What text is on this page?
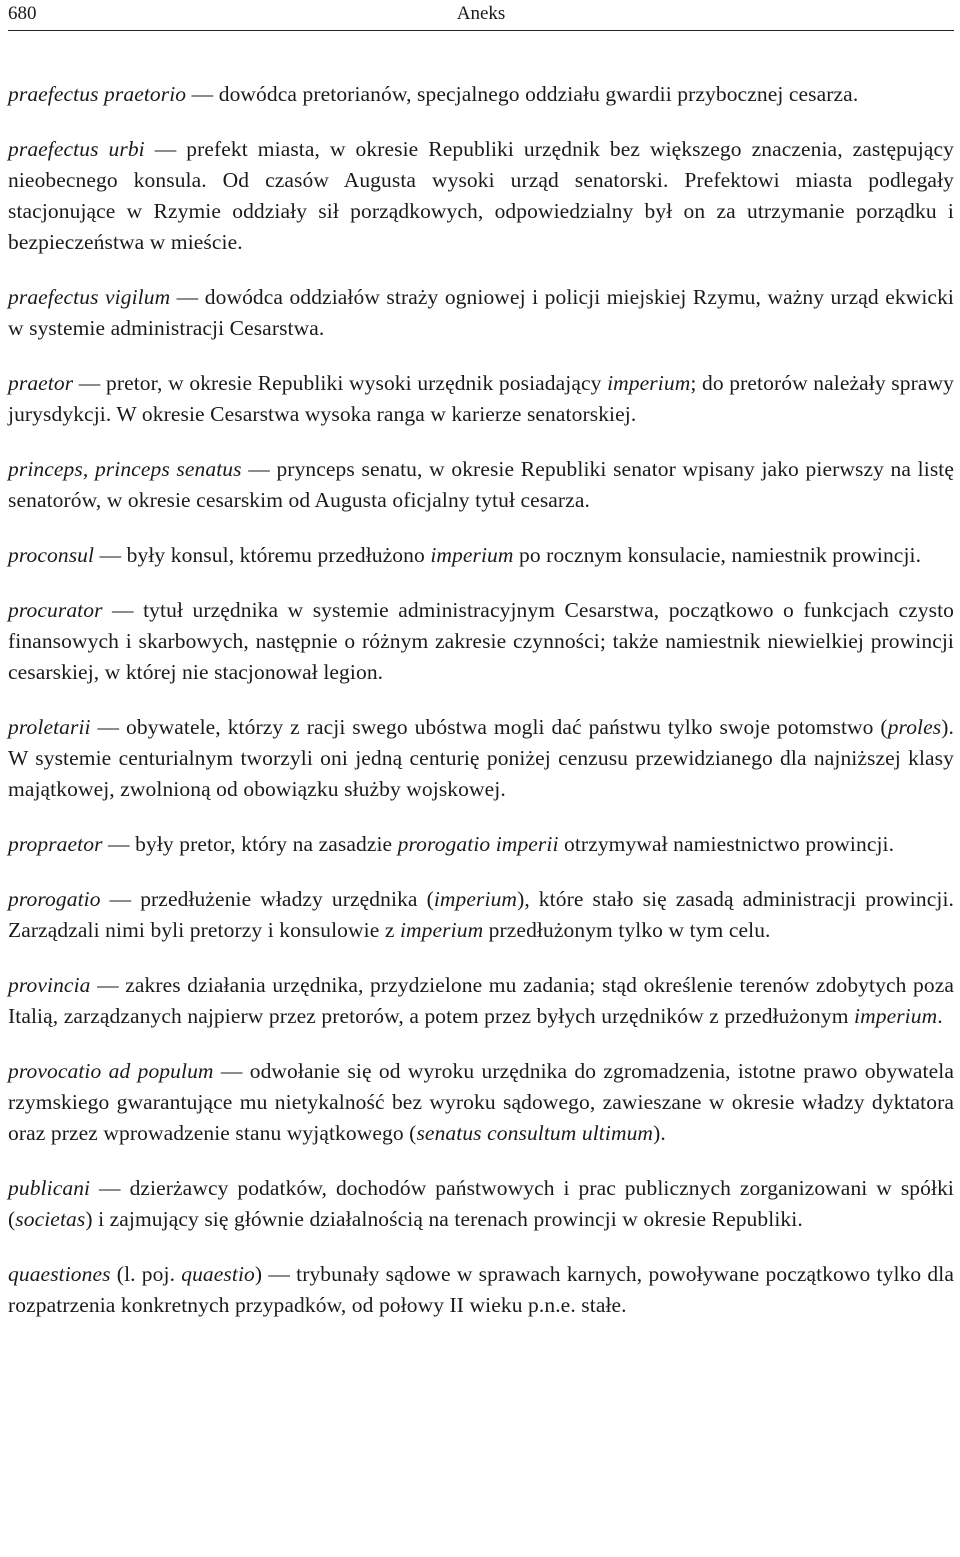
680	Aneks

praefectus praetorio — dowódca pretorianów, specjalnego oddziału gwardii przybocznej cesarza.

praefectus urbi — prefekt miasta, w okresie Republiki urzędnik bez większego znaczenia, zastępujący nieobecnego konsula. Od czasów Augusta wysoki urząd senatorski. Prefektowi miasta podlegały stacjonujące w Rzymie oddziały sił porządkowych, odpowiedzialny był on za utrzymanie porządku i bezpieczeństwa w mieście.

praefectus vigilum — dowódca oddziałów straży ogniowej i policji miejskiej Rzymu, ważny urząd ekwicki w systemie administracji Cesarstwa.

praetor — pretor, w okresie Republiki wysoki urzędnik posiadający imperium; do pretorów należały sprawy jurysdykcji. W okresie Cesarstwa wysoka ranga w karierze senatorskiej.

princeps, princeps senatus — prynceps senatu, w okresie Republiki senator wpisany jako pierwszy na listę senatorów, w okresie cesarskim od Augusta oficjalny tytuł cesarza.

proconsul — były konsul, któremu przedłużono imperium po rocznym konsulacie, namiestnik prowincji.

procurator — tytuł urzędnika w systemie administracyjnym Cesarstwa, początkowo o funkcjach czysto finansowych i skarbowych, następnie o różnym zakresie czynności; także namiestnik niewielkiej prowincji cesarskiej, w której nie stacjonował legion.

proletarii — obywatele, którzy z racji swego ubóstwa mogli dać państwu tylko swoje potomstwo (proles). W systemie centurialnym tworzyli oni jedną centurię poniżej cenzusu przewidzianego dla najniższej klasy majątkowej, zwolnioną od obowiązku służby wojskowej.

propraetor — były pretor, który na zasadzie prorogatio imperii otrzymywał namiestnictwo prowincji.

prorogatio — przedłużenie władzy urzędnika (imperium), które stało się zasadą administracji prowincji. Zarządzali nimi byli pretorzy i konsulowie z imperium przedłużonym tylko w tym celu.

provincia — zakres działania urzędnika, przydzielone mu zadania; stąd określenie terenów zdobytych poza Italią, zarządzanych najpierw przez pretorów, a potem przez byłych urzędników z przedłużonym imperium.

provocatio ad populum — odwołanie się od wyroku urzędnika do zgromadzenia, istotne prawo obywatela rzymskiego gwarantujące mu nietykalność bez wyroku sądowego, zawieszane w okresie władzy dyktatora oraz przez wprowadzenie stanu wyjątkowego (senatus consultum ultimum).

publicani — dzierżawcy podatków, dochodów państwowych i prac publicznych zorganizowani w spółki (societas) i zajmujący się głównie działalnością na terenach prowincji w okresie Republiki.

quaestiones (l. poj. quaestio) — trybunały sądowe w sprawach karnych, powoływane początkowo tylko dla rozpatrzenia konkretnych przypadków, od połowy II wieku p.n.e. stałe.
